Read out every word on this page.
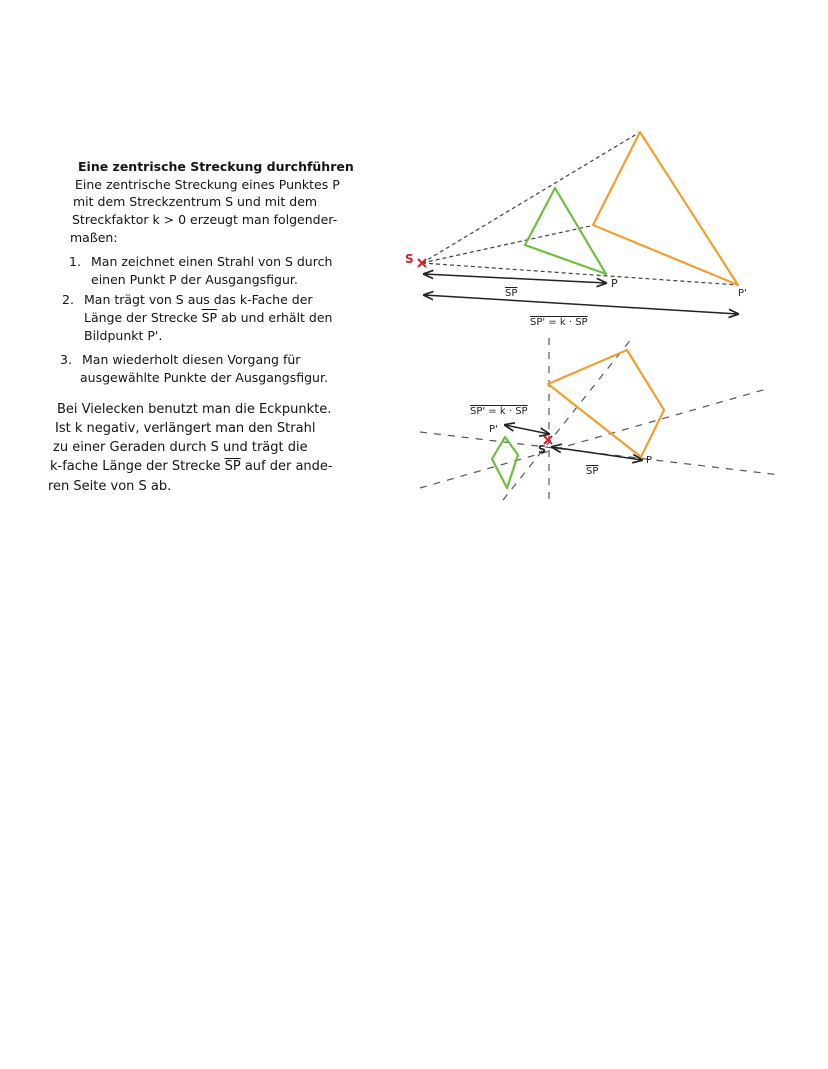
Eine zentrische Streckung durchführen
Eine zentrische Streckung eines Punktes P
mit dem Streckzentrum S und mit dem
Streckfaktor k > 0 erzeugt man folgender-
maßen:
1. Man zeichnet einen Strahl von S durch
einen Punkt P der Ausgangsfigur.
2. Man trägt von S aus das k-Fache der
Länge der Strecke $\overline{SP}$ ab und erhält den
Bildpunkt P'.
3. Man wiederholt diesen Vorgang für
ausgewählte Punkte der Ausgangsfigur.
Bei Vielecken benutzt man die Eckpunkte.
Ist k negativ, verlängert man den Strahl
zu einer Geraden durch S und trägt die
k-fache Länge der Strecke $\overline{SP}$ auf der ande-
ren Seite von S ab.
S
P
SP	P'
SP' = k · SP
S
P
SP
P'
SP' = k · SP
